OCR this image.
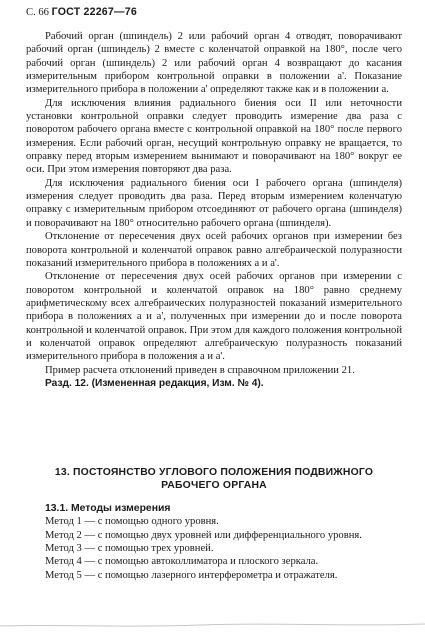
С. 66 ГОСТ 22267—76

Рабочий орган (шпиндель) 2 или рабочий орган 4 отводят, поворачивают рабочий орган (шпиндель) 2 вместе с коленчатой оправкой на 180°, после чего рабочий орган (шпиндель) 2 или рабочий орган 4 возвращают до касания измерительным прибором контрольной оправки в положении а'. Показание измерительного прибора в положении а' определяют также как и в положении а.

Для исключения влияния радиального биения оси II или неточности установки контрольной оправки следует проводить измерение два раза с поворотом рабочего органа вместе с контрольной оправкой на 180° после первого измерения. Если рабочий орган, несущий контрольную оправку не вращается, то оправку перед вторым измерением вынимают и поворачивают на 180° вокруг ее оси. При этом измерения повторяют два раза.

Для исключения радиального биения оси I рабочего органа (шпинделя) измерения следует проводить два раза. Перед вторым измерением коленчатую оправку с измерительным прибором отсоединяют от рабочего органа (шпинделя) и поворачивают на 180° относительно рабочего органа (шпинделя).

Отклонение от пересечения двух осей рабочих органов при измерении без поворота контрольной и коленчатой оправок равно алгебраической полуразности показаний измерительного прибора в положениях а и а'.

Отклонение от пересечения двух осей рабочих органов при измерении с поворотом контрольной и коленчатой оправок на 180° равно среднему арифметическому всех алгебраических полуразностей показаний измерительного прибора в положениях а и а', полученных при измерении до и после поворота контрольной и коленчатой оправок. При этом для каждого положения контрольной и коленчатой оправок определяют алгебраическую полуразность показаний измерительного прибора в положения а и а'.

Пример расчета отклонений приведен в справочном приложении 21.

Разд. 12. (Измененная редакция, Изм. № 4).

13. ПОСТОЯНСТВО УГЛОВОГО ПОЛОЖЕНИЯ ПОДВИЖНОГО
РАБОЧЕГО ОРГАНА
13.1. Методы измерения

Метод 1 — с помощью одного уровня.

Метод 2 — с помощью двух уровней или дифференциального уровня.

Метод 3 — с помощью трех уровней.

Метод 4 — с помощью автоколлиматора и плоского зеркала.

Метод 5 — с помощью лазерного интерферометра и отражателя.
